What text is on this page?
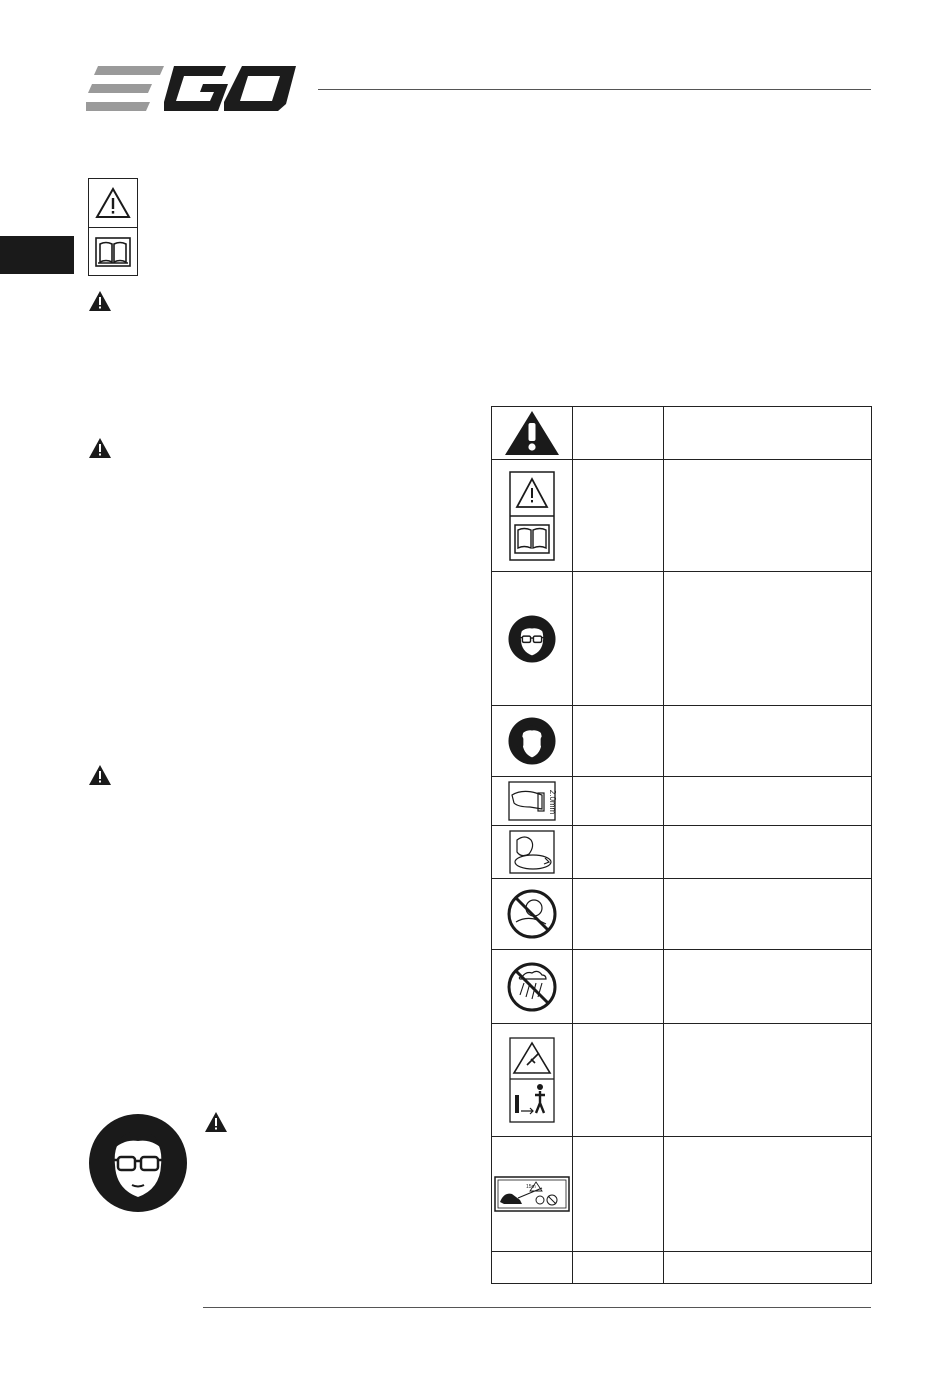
2.0mm		

15m		
